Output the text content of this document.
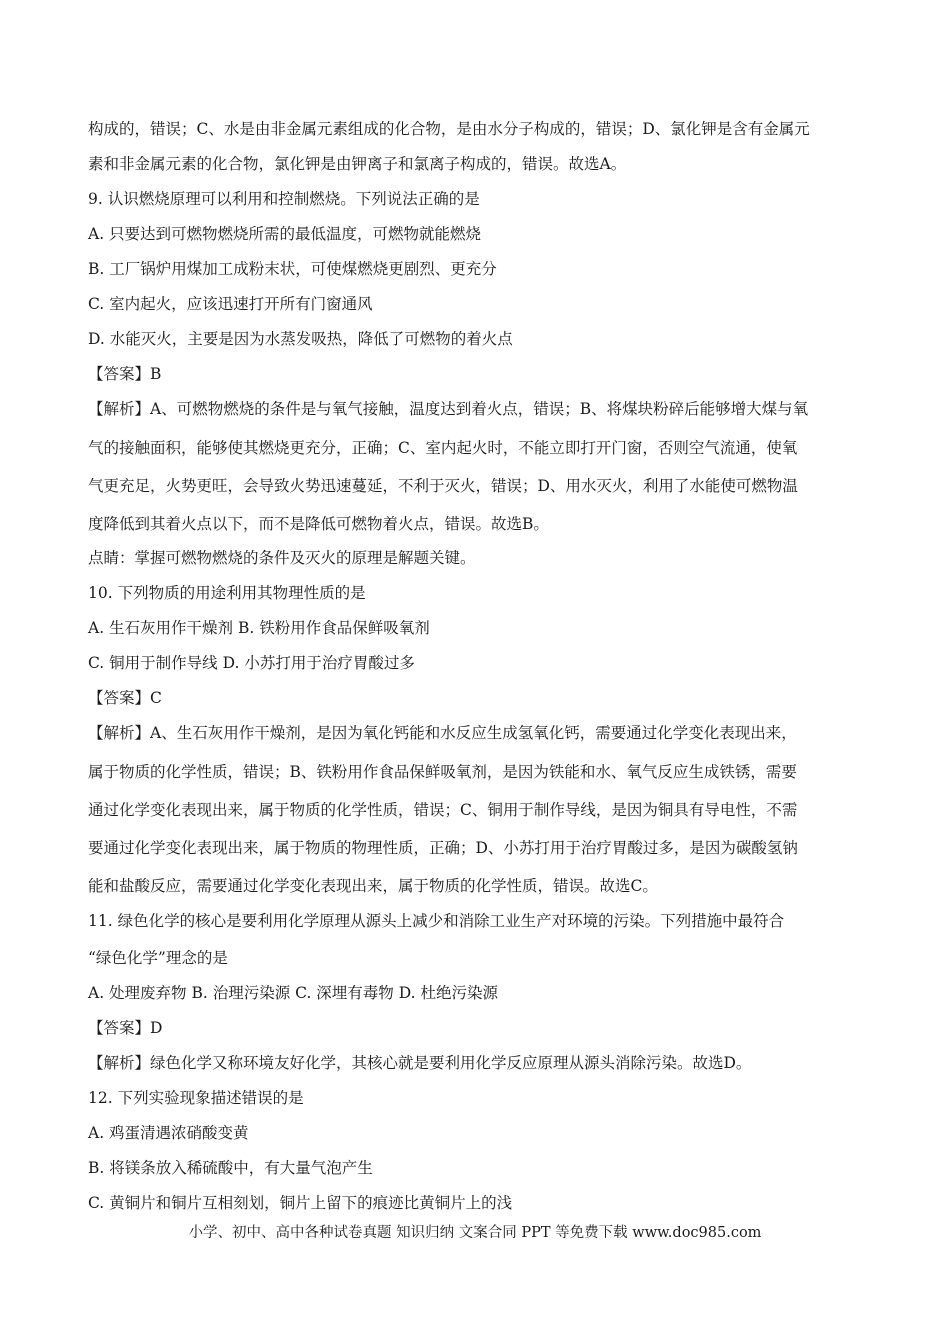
构成的，错误；C、水是由非金属元素组成的化合物，是由水分子构成的，错误；D、氯化钾是含有金属元
素和非金属元素的化合物，氯化钾是由钾离子和氯离子构成的，错误。故选A。
9. 认识燃烧原理可以利用和控制燃烧。下列说法正确的是
A. 只要达到可燃物燃烧所需的最低温度，可燃物就能燃烧
B. 工厂锅炉用煤加工成粉末状，可使煤燃烧更剧烈、更充分
C. 室内起火，应该迅速打开所有门窗通风
D. 水能灭火，主要是因为水蒸发吸热，降低了可燃物的着火点
【答案】B
【解析】A、可燃物燃烧的条件是与氧气接触，温度达到着火点，错误；B、将煤块粉碎后能够增大煤与氧
气的接触面积，能够使其燃烧更充分，正确；C、室内起火时，不能立即打开门窗，否则空气流通，使氧
气更充足，火势更旺，会导致火势迅速蔓延，不利于灭火，错误；D、用水灭火，利用了水能使可燃物温
度降低到其着火点以下，而不是降低可燃物着火点，错误。故选B。
点睛：掌握可燃物燃烧的条件及灭火的原理是解题关键。
10. 下列物质的用途利用其物理性质的是
A. 生石灰用作干燥剂 B. 铁粉用作食品保鲜吸氧剂
C. 铜用于制作导线 D. 小苏打用于治疗胃酸过多
【答案】C
【解析】A、生石灰用作干燥剂，是因为氧化钙能和水反应生成氢氧化钙，需要通过化学变化表现出来，
属于物质的化学性质，错误；B、铁粉用作食品保鲜吸氧剂，是因为铁能和水、氧气反应生成铁锈，需要
通过化学变化表现出来，属于物质的化学性质，错误；C、铜用于制作导线，是因为铜具有导电性，不需
要通过化学变化表现出来，属于物质的物理性质，正确；D、小苏打用于治疗胃酸过多，是因为碳酸氢钠
能和盐酸反应，需要通过化学变化表现出来，属于物质的化学性质，错误。故选C。
11. 绿色化学的核心是要利用化学原理从源头上减少和消除工业生产对环境的污染。下列措施中最符合
“绿色化学”理念的是
A. 处理废弃物 B. 治理污染源 C. 深埋有毒物 D. 杜绝污染源
【答案】D
【解析】绿色化学又称环境友好化学，其核心就是要利用化学反应原理从源头消除污染。故选D。
12. 下列实验现象描述错误的是
A. 鸡蛋清遇浓硝酸变黄
B. 将镁条放入稀硫酸中，有大量气泡产生
C. 黄铜片和铜片互相刻划，铜片上留下的痕迹比黄铜片上的浅
小学、初中、高中各种试卷真题 知识归纳 文案合同 PPT 等免费下载 www.doc985.com
